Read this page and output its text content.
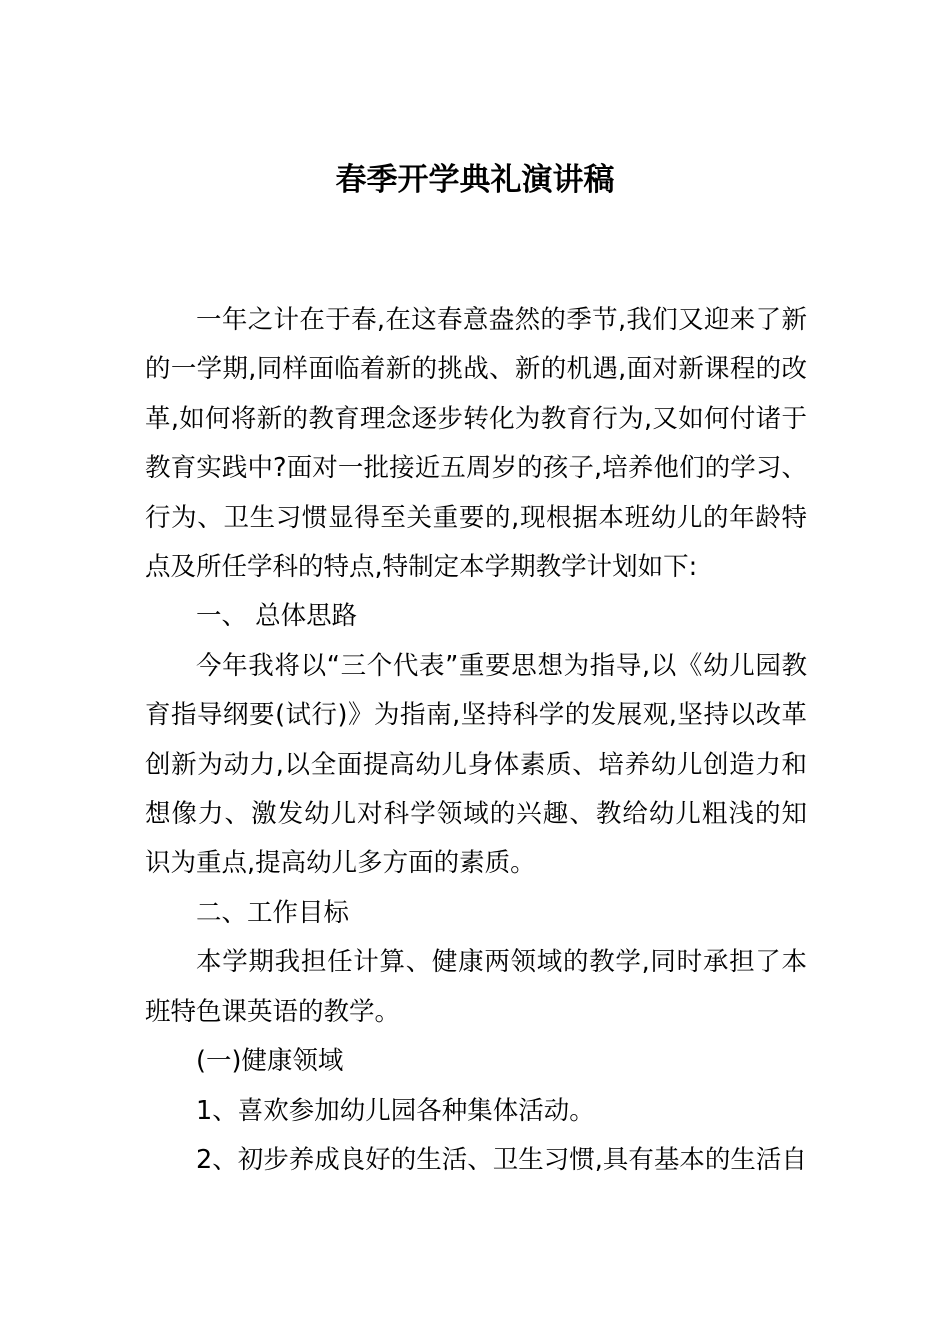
春季开学典礼演讲稿

一年之计在于春,在这春意盎然的季节,我们又迎来了新的一学期,同样面临着新的挑战、新的机遇,面对新课程的改革,如何将新的教育理念逐步转化为教育行为,又如何付诸于教育实践中?面对一批接近五周岁的孩子,培养他们的学习、行为、卫生习惯显得至关重要的,现根据本班幼儿的年龄特点及所任学科的特点,特制定本学期教学计划如下:

一、 总体思路

今年我将以“三个代表”重要思想为指导,以《幼儿园教育指导纲要(试行)》为指南,坚持科学的发展观,坚持以改革创新为动力,以全面提高幼儿身体素质、培养幼儿创造力和想像力、激发幼儿对科学领域的兴趣、教给幼儿粗浅的知识为重点,提高幼儿多方面的素质。

二、工作目标

本学期我担任计算、健康两领域的教学,同时承担了本班特色课英语的教学。

(一)健康领域

1、喜欢参加幼儿园各种集体活动。

2、初步养成良好的生活、卫生习惯,具有基本的生活自
